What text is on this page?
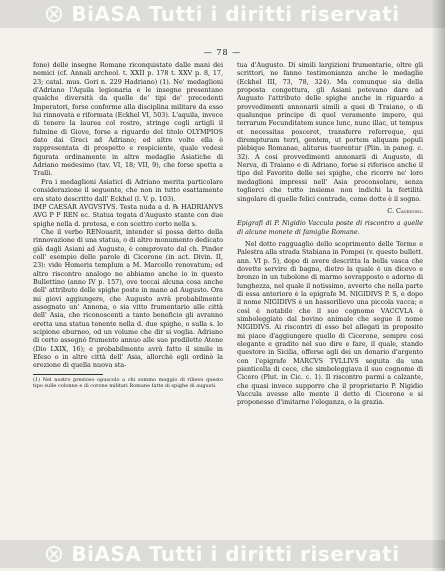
BiASA Tutti i diritti riservati
— 78 —

fone) delle insegne Romane riconquistate dalle mani dei nemici (cf. Annali archeol. t. XXII p. 178 t. XXV p. 8, 17, 23; catal. mus. Gori n. 229 Hadriano) (1). Ne' medaglioni d'Adriano l'Aquila legionaria e le insegne presentano qualche diversità da quelle de' tipi de' precedenti Imperatori, forse conforme alla disciplina militare da esso lui rinnovata e riformata (Eckhel VI, 503). L'aquila, invece di tenere la laurea col rostro, stringe cogli artigli il fulmine di Giove, forse a riguardo del titolo OLYMPIOS dato dai Greci ad Adriano; ed altre volte ella è rappresentata di prospetto e respiciente, quale vedesi figurata ordinamente in altre medaglie Asiatiche di Adriano medesimo (tav. VI, 18; VII, 9), che forse spetta a Tralli.

Fra i medaglioni Asiatici di Adriano merita particolare considerazione il seguente, che non in tutto esattamente era stato descritto dall' Eckhel (l. V. p. 103).

IMP CAESAR AVGVSTVS. Testa nuda a d. ℞ HADRIANVS AVG P P REN ec. Statua togata d'Augusto stante con due spighe nella d. protesa, e con scettro corto nella s.

Che il verbo RENouarit, intender si possa detto della rinnovazione di una statua, o di altro monumento dedicato già dagli Asiani ad Augusto, è comprovato dal ch. Pinder coll' esempio delle parole di Cicerone (in act. Divin. II, 23): vide Homeris templum a M. Marcello renovatum; ed altro riscontro analogo ne abbiamo anche io in questo Bullettino (anno IV p. 157), ove toccai alcuna cosa anche dell' attributo delle spighe poste in mano ad Augusto. Ora mi giovi aggiungere, che Augusto avrà probabilmente assegnato un' Annona, o sia vitto frumentario alle città dell' Asia, che riconoscenti a tanto beneficio gli avranno eretta una statua tenente nella d. due spighe, o sulla s. lo scipione eburneo, od un volume che dir si voglia. Adriano di certo assegnò frumento annuo alle sue predilette Atene (Dio LXIX, 16); e probabilmente avrà fatto il simile in Efeso o in altre città dell' Asia, allorchè egli ordinò la erezione di quella nuova sta-

(1) Nel nostro prezioso opuscolo a chi sommo moggio di rilievo questo tipo sulle colonne e di corone militari Romane fatte di spighe di augusti.

tua d'Augusto. Di simili largizioni frumentarie, oltre gli scrittori, ne fanno testimonianza anche le medaglie (Eckhel III, 73, 78, 324). Ma comunque sia della proposta congettura, gli Asiani potevano dare ad Augusto l'attributo delle spighe anche in riguardo a provvedimenti annonarii simili a quei di Traiano, o di qualunque principe di quel veramente impero, qui terrarum Fecunditatem sunce lunc, nunc illac, ut tempus et necessitas posceret, transferre referreque, qui dirempturam terri, gentem, ut portem aliquam populi plebique Romanae, aliturus tuerentur (Plin. in paneg. c. 32). A cosi provvedimenti annonarii di Augusto, di Nerva, di Traiano e di Adriano, forse si riferisce anche il tipo del Favorito delle sei spighe, che ricorre ne' loro medaglioni impressi nell' Asia proconsolare, senza toglierci che tutto insieme non indichi la fertilità singolare di quelle felici contrade, come dotte è il sogno.

C. Cavedoni.

Epigrafi di P. Nigidio Vaccula poste di riscontro a quelle di alcune monete di famiglie Romane.

Nel dotto ragguaglio dello scoprimento delle Terme e Palestra alla strada Stabiana in Pompei (v. questo bullett. ann. VI p. 5), dopo di avere descritta la bella vasca che dovette servire di bagno, dietro la quale è un dicevo e bronzo in un tubolone di marmo sovrapposto e adorno di lunghezza, nel quale il notissimo, avverte che nella parte di essa anteriore è la epigrafe M. NIGIDIVS P. S, e dopo il nome NIGIDIVS è un bassorilievo una piccola vacca; e così è notabile che il suo cognome VACCVLA è simboleggiato dal bovino animale che segue il nome NIGIDIVS. Ai riscontri di esso bel allegati in proposito mi piace d'aggiungere quello di Cicerone, sempre cosi elegante e gradito nel suo dire e fare, il quale, stando questore in Sicilia, offerse agli dei un donario d'argento con l'epigrafe MARCVS TVLLIVS seguita da una pianticella di cece, che simboleggiava il suo cognome di Cicero (Plut. in Cic. c. 1). Il riscontro parmi a calzante, che quasi invece supporre che il proprietario P. Nigidio Vaccula avesse alle mente il detto di Cicerone e si proponesse d'imitarne l'eleganza, o la grazia.

BiASA Tutti i diritti riservati
